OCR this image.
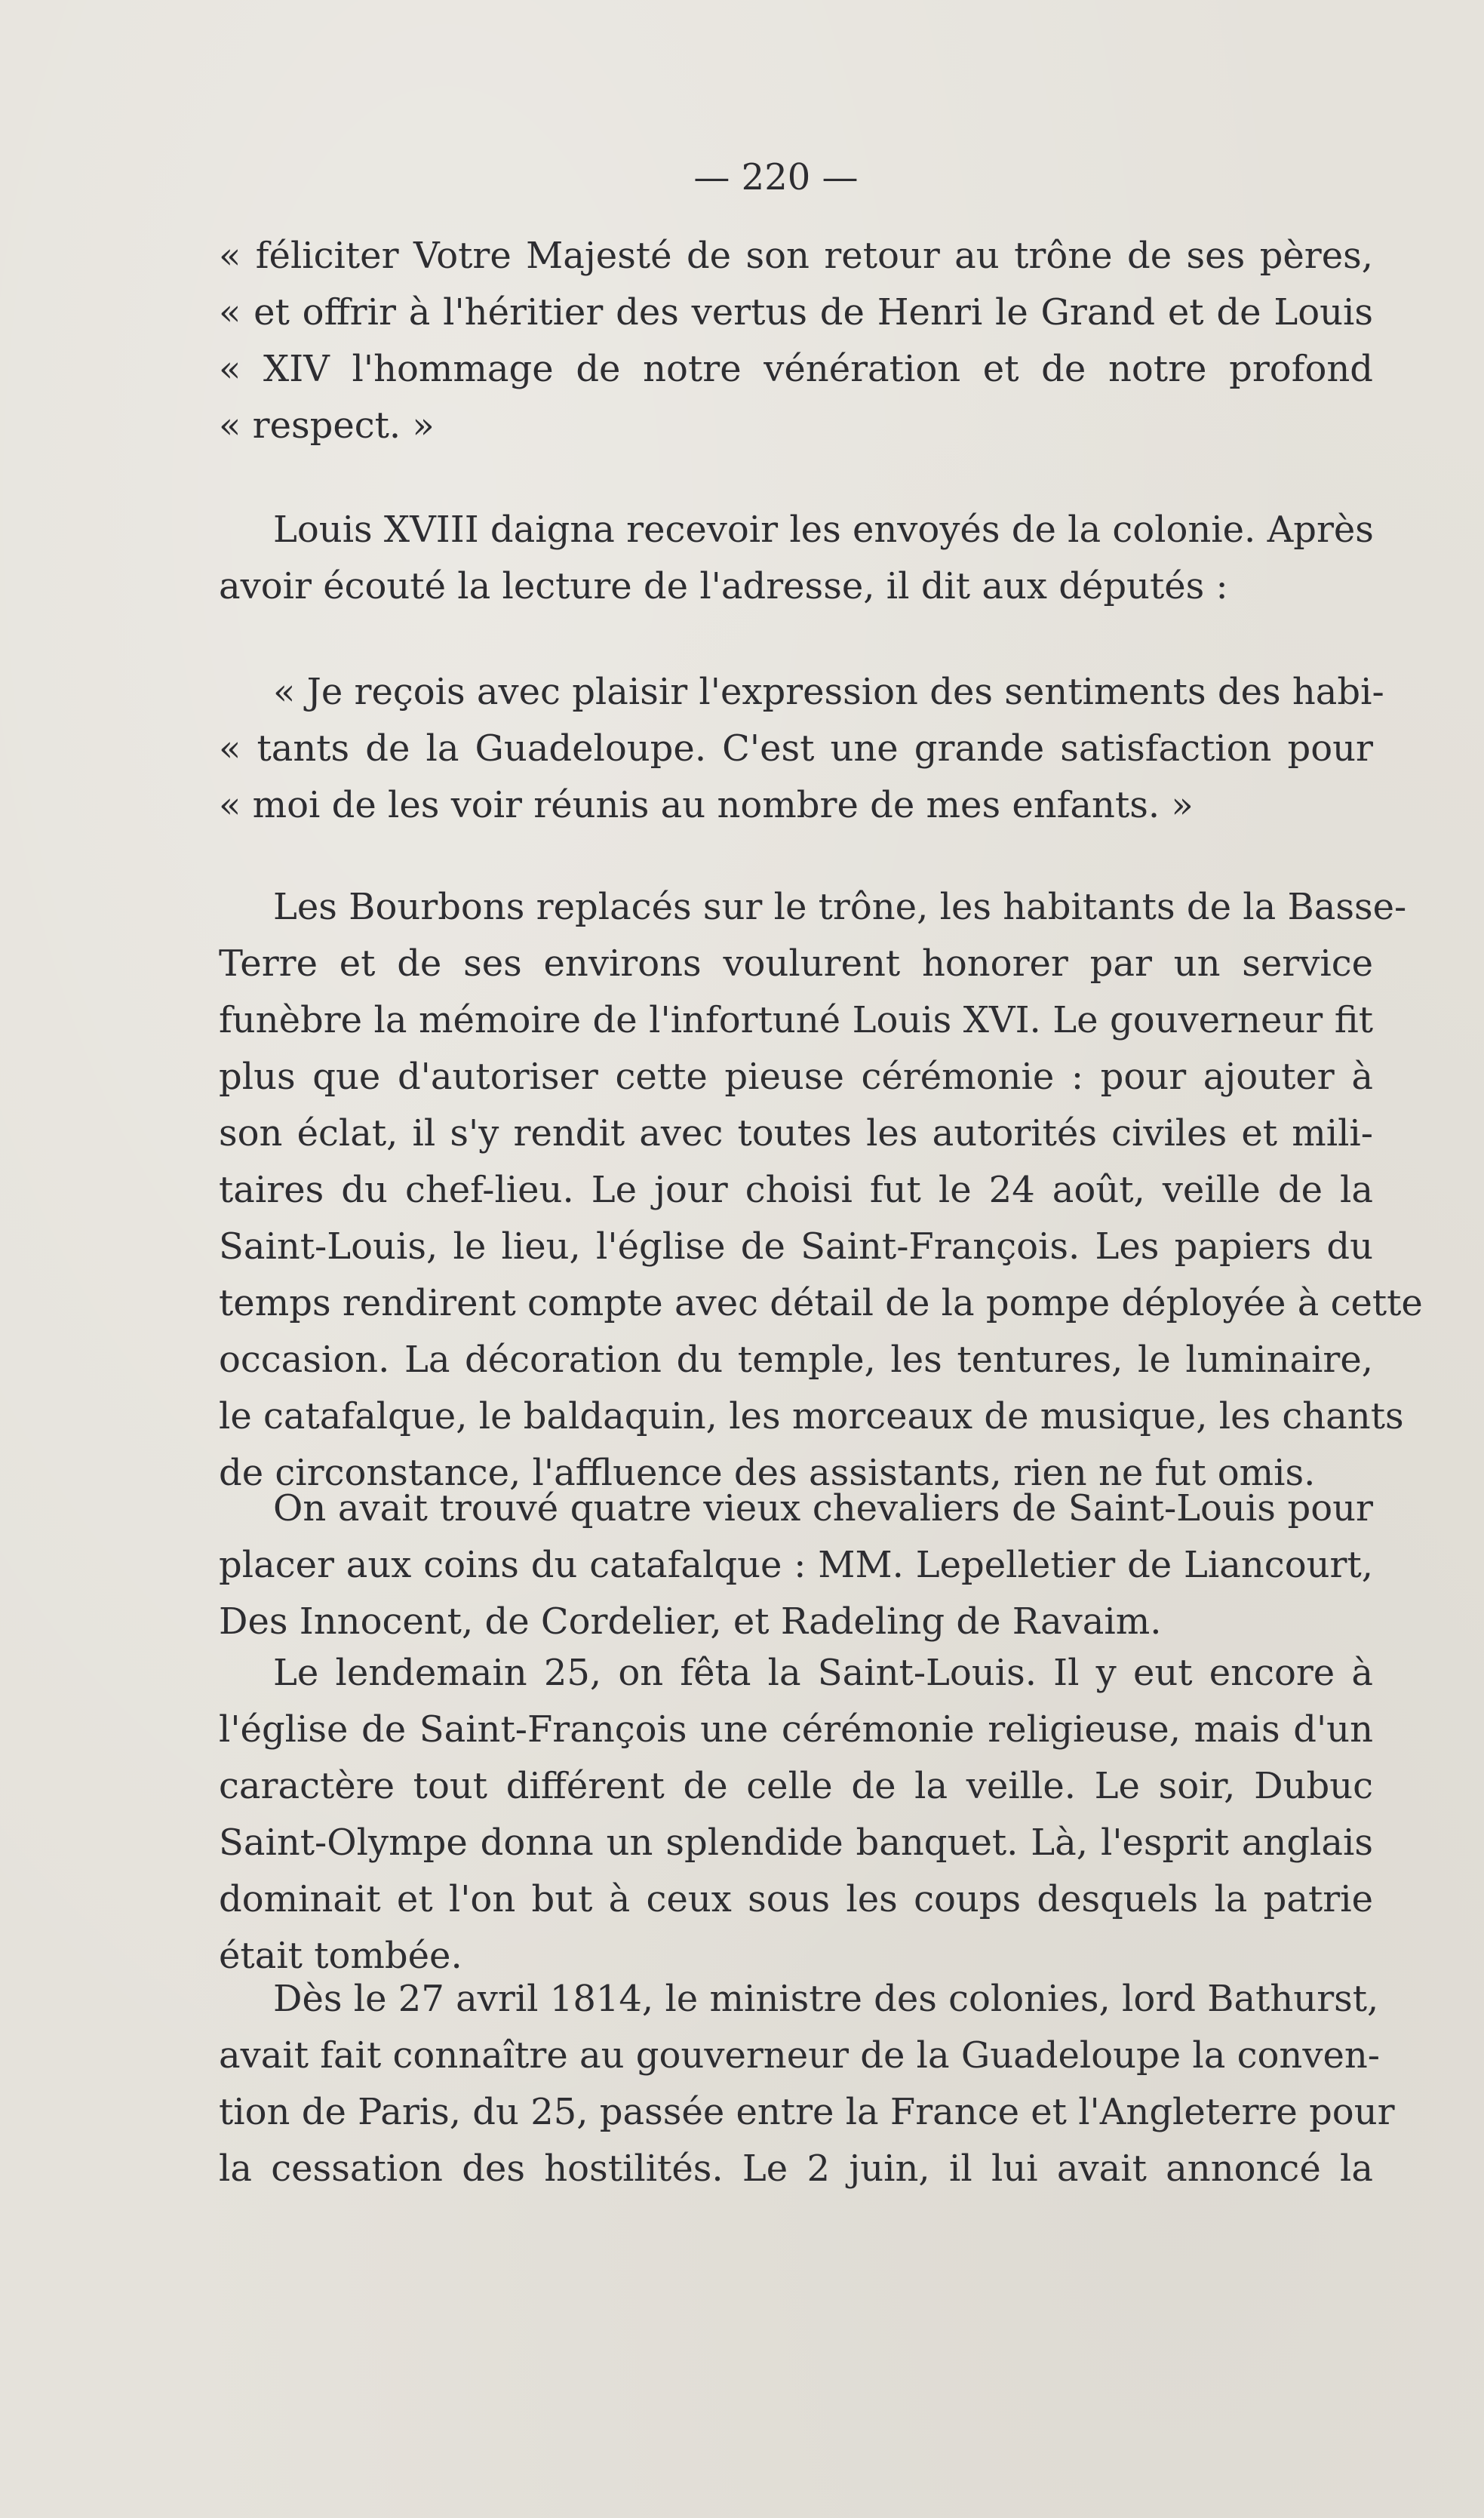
— 220 —
« féliciter Votre Majesté de son retour au trône de ses pères,
« et offrir à l'héritier des vertus de Henri le Grand et de Louis
« XIV l'hommage de notre vénération et de notre profond
« respect. »
Louis XVIII daigna recevoir les envoyés de la colonie. Après
avoir écouté la lecture de l'adresse, il dit aux députés :
« Je reçois avec plaisir l'expression des sentiments des habi-
« tants de la Guadeloupe. C'est une grande satisfaction pour
« moi de les voir réunis au nombre de mes enfants. »
Les Bourbons replacés sur le trône, les habitants de la Basse-
Terre et de ses environs voulurent honorer par un service
funèbre la mémoire de l'infortuné Louis XVI. Le gouverneur fit
plus que d'autoriser cette pieuse cérémonie : pour ajouter à
son éclat, il s'y rendit avec toutes les autorités civiles et mili-
taires du chef-lieu. Le jour choisi fut le 24 août, veille de la
Saint-Louis, le lieu, l'église de Saint-François. Les papiers du
temps rendirent compte avec détail de la pompe déployée à cette
occasion. La décoration du temple, les tentures, le luminaire,
le catafalque, le baldaquin, les morceaux de musique, les chants
de circonstance, l'affluence des assistants, rien ne fut omis.
On avait trouvé quatre vieux chevaliers de Saint-Louis pour
placer aux coins du catafalque : MM. Lepelletier de Liancourt,
Des Innocent, de Cordelier, et Radeling de Ravaim.
Le lendemain 25, on fêta la Saint-Louis. Il y eut encore à
l'église de Saint-François une cérémonie religieuse, mais d'un
caractère tout différent de celle de la veille. Le soir, Dubuc
Saint-Olympe donna un splendide banquet. Là, l'esprit anglais
dominait et l'on but à ceux sous les coups desquels la patrie
était tombée.
Dès le 27 avril 1814, le ministre des colonies, lord Bathurst,
avait fait connaître au gouverneur de la Guadeloupe la conven-
tion de Paris, du 25, passée entre la France et l'Angleterre pour
la cessation des hostilités. Le 2 juin, il lui avait annoncé la
